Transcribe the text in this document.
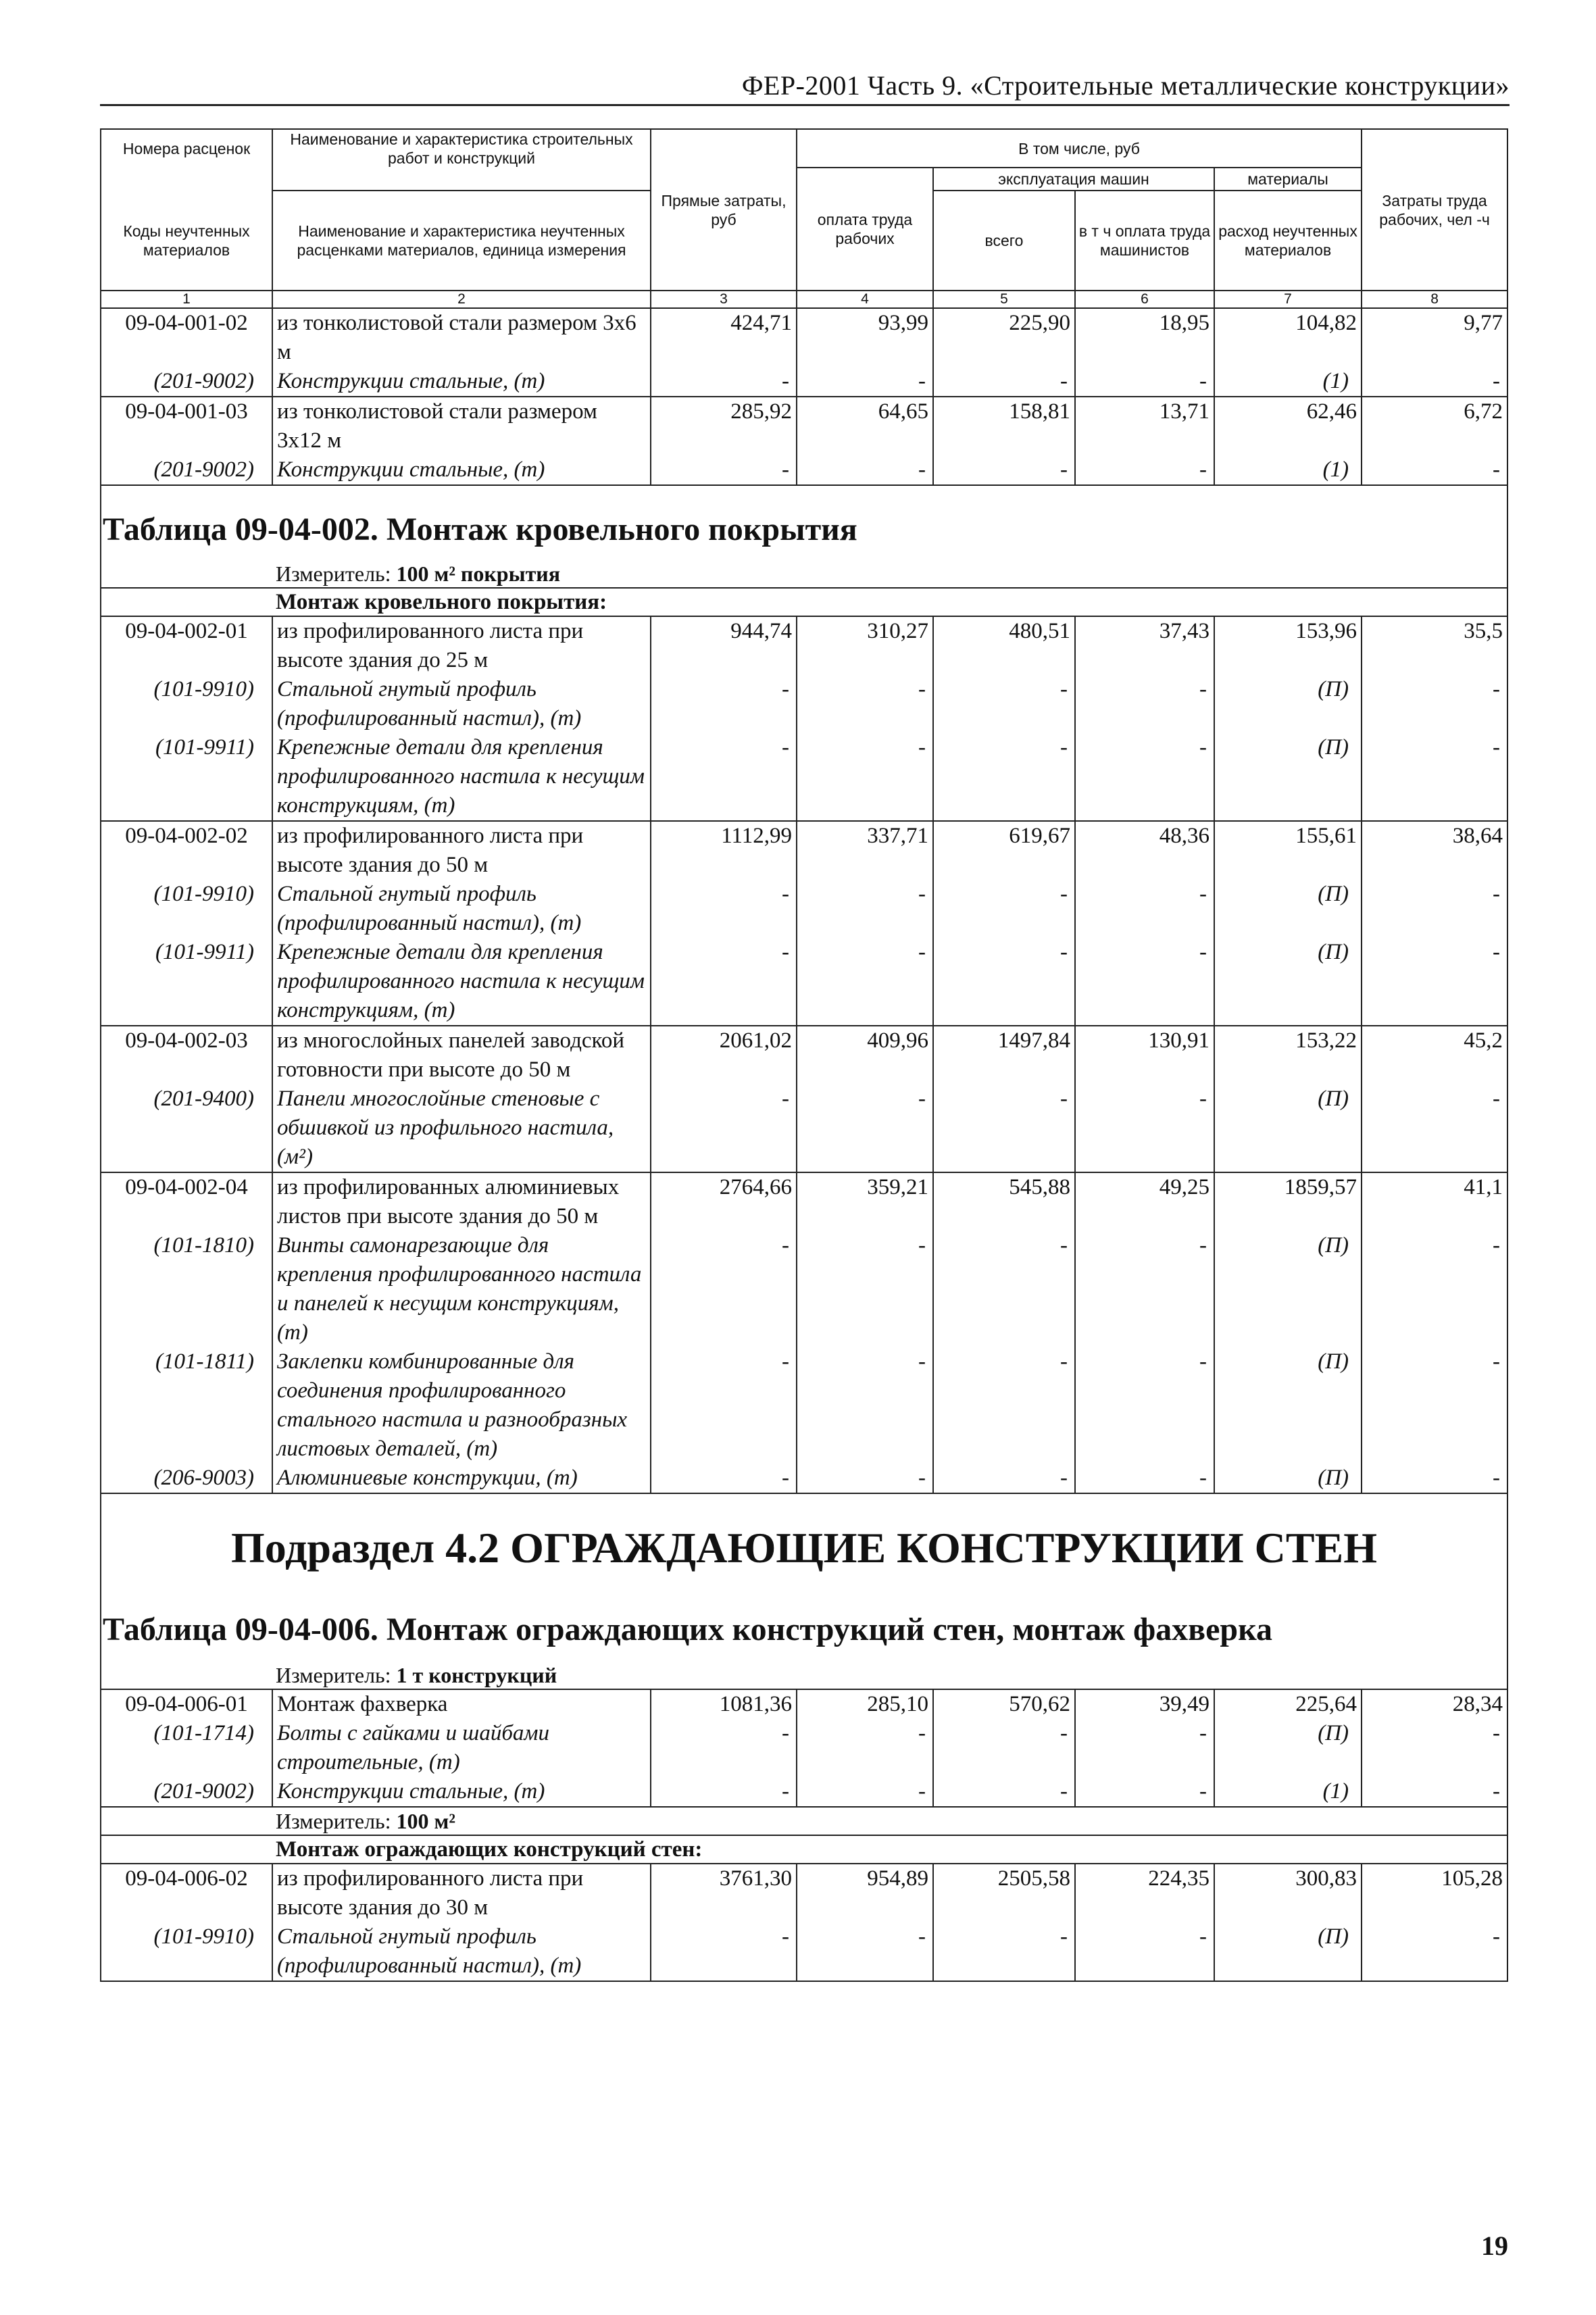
ФЕР-2001 Часть 9. «Строительные металлические конструкции»
Номера расценок	Наименование и характеристика строительных работ и конструкций	Прямые затраты, руб	В том числе, руб				Затраты труда рабочих, чел -ч
			оплата труда рабочих	эксплуатация машин		материалы	
Коды неучтенных материалов	Наименование и характеристика неучтенных расценками материалов, единица измерения			всего	в т ч оплата труда машинистов	расход неучтенных материалов	

1	2	3	4	5	6	7	8
09-04-001-02	из тонколистовой стали размером 3х6 м	424,71	93,99	225,90	18,95	104,82	9,77
(201-9002)	Конструкции стальные, (т)	-	-	-	-	(1)	-
09-04-001-03	из тонколистовой стали размером 3х12 м	285,92	64,65	158,81	13,71	62,46	6,72
(201-9002)	Конструкции стальные, (т)	-	-	-	-	(1)	-

Таблица 09-04-002. Монтаж кровельного покрытия							

Измеритель: 100 м² покрытия							
Монтаж кровельного покрытия:							
09-04-002-01	из профилированного листа при высоте здания до 25 м	944,74	310,27	480,51	37,43	153,96	35,5
(101-9910)	Стальной гнутый профиль (профилированный настил), (т)	-	-	-	-	(П)	-
(101-9911)	Крепежные детали для крепления профилированного настила к несущим конструкциям, (т)	-	-	-	-	(П)	-
09-04-002-02	из профилированного листа при высоте здания до 50 м	1112,99	337,71	619,67	48,36	155,61	38,64
(101-9910)	Стальной гнутый профиль (профилированный настил), (т)	-	-	-	-	(П)	-
(101-9911)	Крепежные детали для крепления профилированного настила к несущим конструкциям, (т)	-	-	-	-	(П)	-
09-04-002-03	из многослойных панелей заводской готовности при высоте до 50 м	2061,02	409,96	1497,84	130,91	153,22	45,2
(201-9400)	Панели многослойные стеновые с обшивкой из профильного настила, (м²)	-	-	-	-	(П)	-
09-04-002-04	из профилированных алюминиевых листов при высоте здания до 50 м	2764,66	359,21	545,88	49,25	1859,57	41,1
(101-1810)	Винты самонарезающие для крепления профилированного настила и панелей к несущим конструкциям, (т)	-	-	-	-	(П)	-
(101-1811)	Заклепки комбинированные для соединения профилированного стального настила и разнообразных листовых деталей, (т)	-	-	-	-	(П)	-
(206-9003)	Алюминиевые конструкции, (т)	-	-	-	-	(П)	-

Подраздел 4.2 ОГРАЖДАЮЩИЕ КОНСТРУКЦИИ СТЕН							

Таблица 09-04-006. Монтаж ограждающих конструкций стен, монтаж фахверка							

Измеритель: 1 т конструкций							
09-04-006-01	Монтаж фахверка	1081,36	285,10	570,62	39,49	225,64	28,34
(101-1714)	Болты с гайками и шайбами строительные, (т)	-	-	-	-	(П)	-
(201-9002)	Конструкции стальные, (т)	-	-	-	-	(1)	-
Измеритель: 100 м²							
Монтаж ограждающих конструкций стен:							
09-04-006-02	из профилированного листа при высоте здания до 30 м	3761,30	954,89	2505,58	224,35	300,83	105,28
(101-9910)	Стальной гнутый профиль (профилированный настил), (т)	-	-	-	-	(П)	-
19
